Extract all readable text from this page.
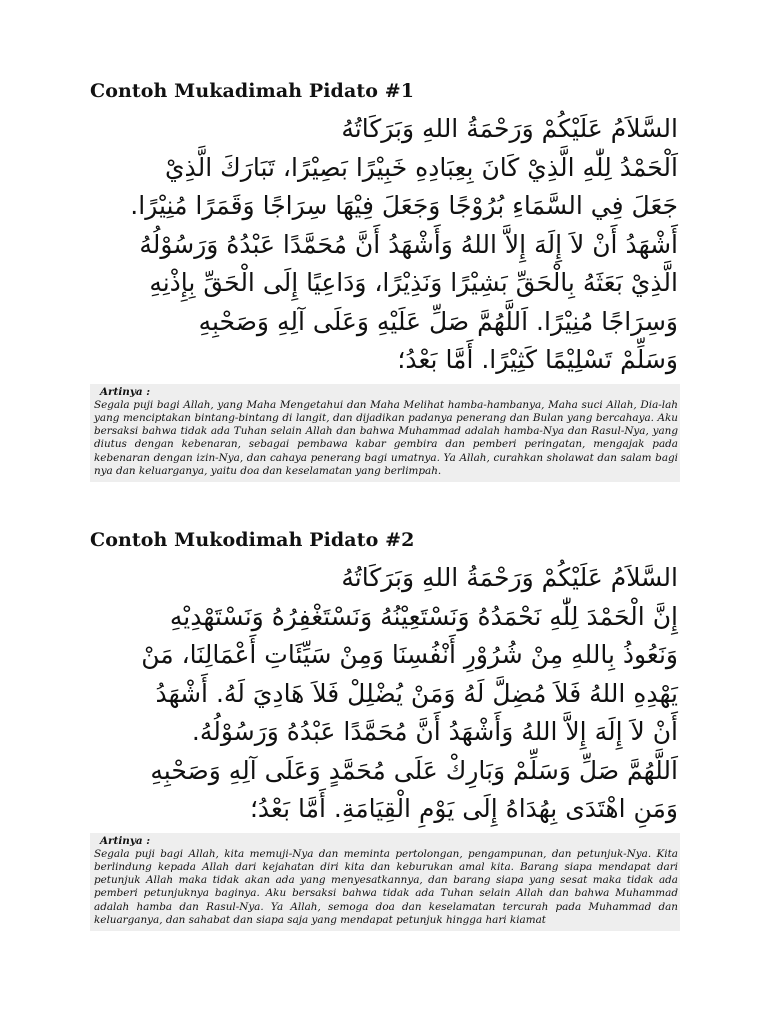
Contoh Mukadimah Pidato #1
السَّلاَمُ عَلَيْكُمْ وَرَحْمَةُ اللهِ وَبَرَكَاتُهُ
اَلْحَمْدُ لِلّٰهِ الَّذِيْ كَانَ بِعِبَادِهِ خَبِيْرًا بَصِيْرًا، تَبَارَكَ الَّذِيْ
جَعَلَ فِي السَّمَاءِ بُرُوْجًا وَجَعَلَ فِيْهَا سِرَاجًا وَقَمَرًا مُنِيْرًا.
أَشْهَدُ أَنْ لاَ إِلَهَ إِلاَّ اللهُ وَأَشْهَدُ أَنَّ مُحَمَّدًا عَبْدُهُ وَرَسُوْلُهُ
الَّذِيْ بَعَثَهُ بِالْحَقِّ بَشِيْرًا وَنَذِيْرًا، وَدَاعِيًا إِلَى الْحَقِّ بِإِذْنِهِ
وَسِرَاجًا مُنِيْرًا. اَللَّهُمَّ صَلِّ عَلَيْهِ وَعَلَى آلِهِ وَصَحْبِهِ
وَسَلِّمْ تَسْلِيْمًا كَثِيْرًا. أَمَّا بَعْدُ؛
Artinya :
Segala puji bagi Allah, yang Maha Mengetahui dan Maha Melihat hamba-hambanya, Maha suci Allah, Dia-lah yang menciptakan bintang-bintang di langit, dan dijadikan padanya penerang dan Bulan yang bercahaya. Aku bersaksi bahwa tidak ada Tuhan selain Allah dan bahwa Muhammad adalah hamba-Nya dan Rasul-Nya, yang diutus dengan kebenaran, sebagai pembawa kabar gembira dan pemberi peringatan, mengajak pada kebenaran dengan izin-Nya, dan cahaya penerang bagi umatnya. Ya Allah, curahkan sholawat dan salam bagi nya dan keluarganya, yaitu doa dan keselamatan yang berlimpah.
Contoh Mukodimah Pidato #2
السَّلاَمُ عَلَيْكُمْ وَرَحْمَةُ اللهِ وَبَرَكَاتُهُ
إِنَّ الْحَمْدَ لِلّٰهِ نَحْمَدُهُ وَنَسْتَعِيْنُهُ وَنَسْتَغْفِرُهُ وَنَسْتَهْدِيْهِ
وَنَعُوذُ بِاللهِ مِنْ شُرُوْرِ أَنْفُسِنَا وَمِنْ سَيِّئَاتِ أَعْمَالِنَا، مَنْ
يَهْدِهِ اللهُ فَلاَ مُضِلَّ لَهُ وَمَنْ يُضْلِلْ فَلاَ هَادِيَ لَهُ. أَشْهَدُ
أَنْ لاَ إِلَهَ إِلاَّ اللهُ وَأَشْهَدُ أَنَّ مُحَمَّدًا عَبْدُهُ وَرَسُوْلُهُ.
اَللَّهُمَّ صَلِّ وَسَلِّمْ وَبَارِكْ عَلَى مُحَمَّدٍ وَعَلَى آلِهِ وَصَحْبِهِ
وَمَنِ اهْتَدَى بِهُدَاهُ إِلَى يَوْمِ الْقِيَامَةِ. أَمَّا بَعْدُ؛
Artinya :
Segala puji bagi Allah, kita memuji-Nya dan meminta pertolongan, pengampunan, dan petunjuk-Nya. Kita berlindung kepada Allah dari kejahatan diri kita dan keburukan amal kita. Barang siapa mendapat dari petunjuk Allah maka tidak akan ada yang menyesatkannya, dan barang siapa yang sesat maka tidak ada pemberi petunjuknya baginya. Aku bersaksi bahwa tidak ada Tuhan selain Allah dan bahwa Muhammad adalah hamba dan Rasul-Nya. Ya Allah, semoga doa dan keselamatan tercurah pada Muhammad dan keluarganya, dan sahabat dan siapa saja yang mendapat petunjuk hingga hari kiamat
